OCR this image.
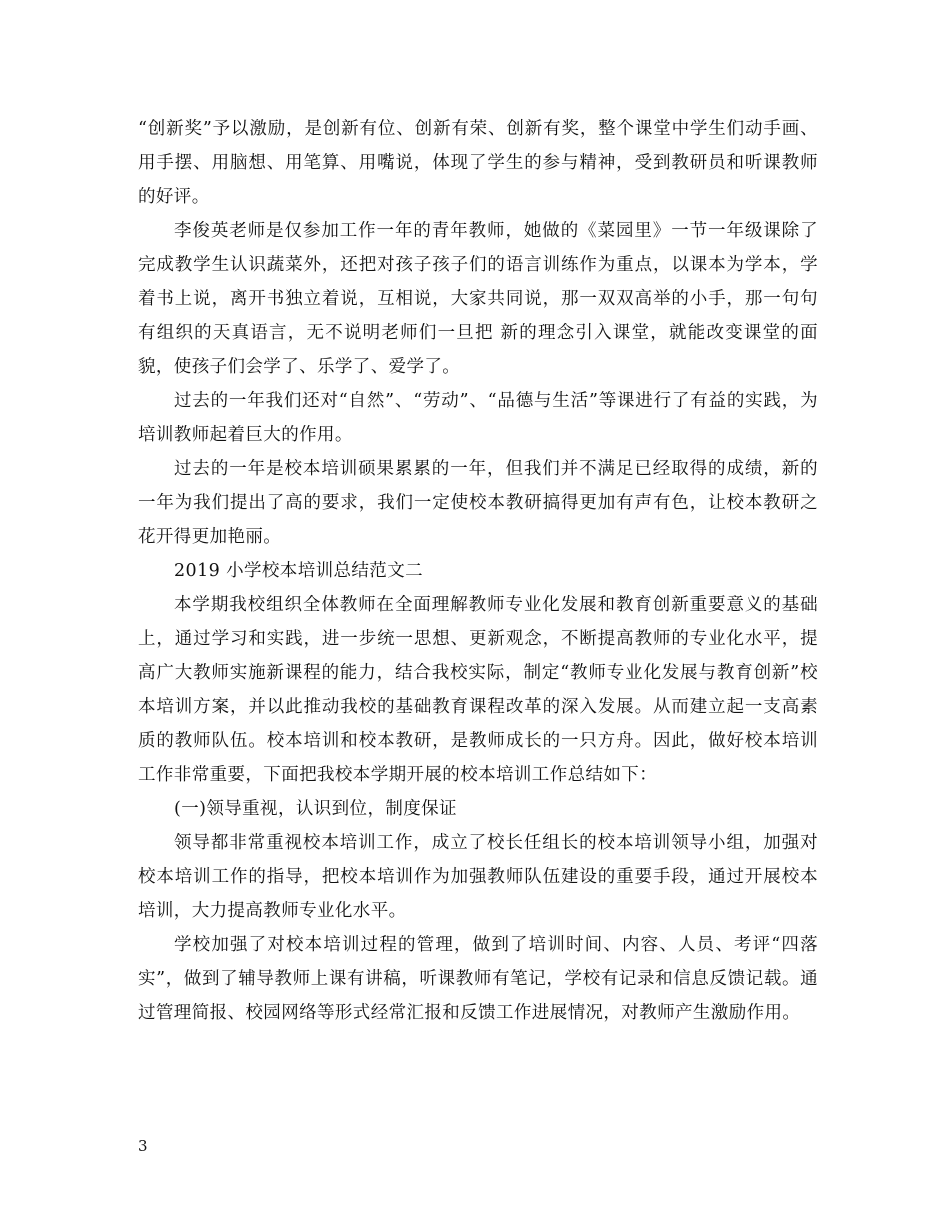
“创新奖”予以激励，是创新有位、创新有荣、创新有奖，整个课堂中学生们动手画、用手摆、用脑想、用笔算、用嘴说，体现了学生的参与精神，受到教研员和听课教师的好评。

李俊英老师是仅参加工作一年的青年教师，她做的《菜园里》一节一年级课除了完成教学生认识蔬菜外，还把对孩子孩子们的语言训练作为重点，以课本为学本，学着书上说，离开书独立着说，互相说，大家共同说，那一双双高举的小手，那一句句有组织的天真语言，无不说明老师们一旦把 新的理念引入课堂，就能改变课堂的面貌，使孩子们会学了、乐学了、爱学了。

过去的一年我们还对“自然”、“劳动”、“品德与生活”等课进行了有益的实践，为培训教师起着巨大的作用。

过去的一年是校本培训硕果累累的一年，但我们并不满足已经取得的成绩，新的一年为我们提出了高的要求，我们一定使校本教研搞得更加有声有色，让校本教研之花开得更加艳丽。

2019 小学校本培训总结范文二

本学期我校组织全体教师在全面理解教师专业化发展和教育创新重要意义的基础上，通过学习和实践，进一步统一思想、更新观念，不断提高教师的专业化水平，提高广大教师实施新课程的能力，结合我校实际，制定“教师专业化发展与教育创新”校本培训方案，并以此推动我校的基础教育课程改革的深入发展。从而建立起一支高素质的教师队伍。校本培训和校本教研，是教师成长的一只方舟。因此，做好校本培训工作非常重要，下面把我校本学期开展的校本培训工作总结如下：

(一)领导重视，认识到位，制度保证

领导都非常重视校本培训工作，成立了校长任组长的校本培训领导小组，加强对校本培训工作的指导，把校本培训作为加强教师队伍建设的重要手段，通过开展校本培训，大力提高教师专业化水平。

学校加强了对校本培训过程的管理，做到了培训时间、内容、人员、考评“四落实”，做到了辅导教师上课有讲稿，听课教师有笔记，学校有记录和信息反馈记载。通过管理简报、校园网络等形式经常汇报和反馈工作进展情况，对教师产生激励作用。

3
